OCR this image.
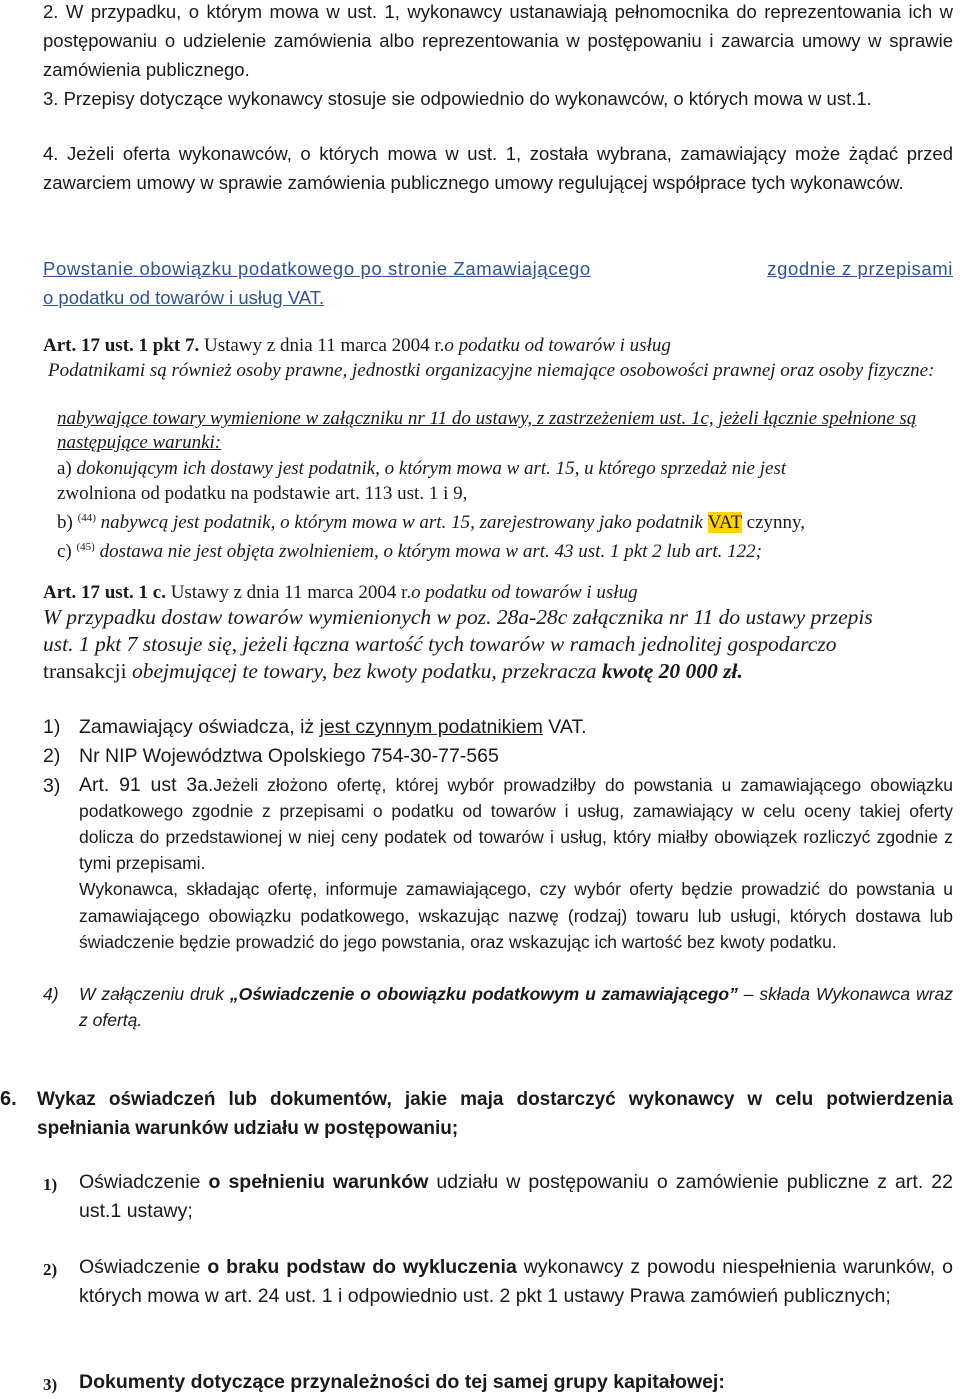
2. W przypadku, o którym mowa w ust. 1, wykonawcy ustanawiają pełnomocnika do reprezentowania ich w postępowaniu o udzielenie zamówienia albo reprezentowania w postępowaniu i zawarcia umowy w sprawie zamówienia publicznego.

3. Przepisy dotyczące wykonawcy stosuje sie odpowiednio do wykonawców, o których mowa w ust.1.

4. Jeżeli oferta wykonawców, o których mowa w ust. 1, została wybrana, zamawiający może żądać przed zawarciem umowy w sprawie zamówienia publicznego umowy regulującej współprace tych wykonawców.

Powstanie obowiązku podatkowego po stronie Zamawiającego	zgodnie z przepisami
o podatku od towarów i usług VAT.

Art. 17 ust. 1 pkt 7. Ustawy z dnia 11 marca 2004 r.o podatku od towarów i usług

Podatnikami są również osoby prawne, jednostki organizacyjne niemające osobowości prawnej oraz osoby fizyczne:

nabywające towary wymienione w załączniku nr 11 do ustawy, z zastrzeżeniem ust. 1c, jeżeli łącznie spełnione są następujące warunki:

a) dokonującym ich dostawy jest podatnik, o którym mowa w art. 15, u którego sprzedaż nie jest
zwolniona od podatku na podstawie art. 113 ust. 1 i 9,
b) $^{(44)}$ nabywcą jest podatnik, o którym mowa w art. 15, zarejestrowany jako podatnik VAT czynny,
c) $^{(45)}$ dostawa nie jest objęta zwolnieniem, o którym mowa w art. 43 ust. 1 pkt 2 lub art. 122;

Art. 17 ust. 1 c. Ustawy z dnia 11 marca 2004 r.o podatku od towarów i usług

W przypadku dostaw towarów wymienionych w poz. 28a-28c załącznika nr 11 do ustawy przepis
ust. 1 pkt 7 stosuje się, jeżeli łączna wartość tych towarów w ramach jednolitej gospodarczo
transakcji obejmującej te towary, bez kwoty podatku, przekracza kwotę 20 000 zł.
1) Zamawiający oświadcza, iż jest czynnym podatnikiem VAT.
2) Nr NIP Województwa Opolskiego 754-30-77-565
3) Art. 91 ust 3a.Jeżeli złożono ofertę, której wybór prowadziłby do powstania u zamawiającego obowiązku podatkowego zgodnie z przepisami o podatku od towarów i usług, zamawiający w celu oceny takiej oferty dolicza do przedstawionej w niej ceny podatek od towarów i usług, który miałby obowiązek rozliczyć zgodnie z tymi przepisami.
Wykonawca, składając ofertę, informuje zamawiającego, czy wybór oferty będzie prowadzić do powstania u zamawiającego obowiązku podatkowego, wskazując nazwę (rodzaj) towaru lub usługi, których dostawa lub świadczenie będzie prowadzić do jego powstania, oraz wskazując ich wartość bez kwoty podatku.
4) W załączeniu druk „Oświadczenie o obowiązku podatkowym u zamawiającego” – składa Wykonawca wraz z ofertą.
6. Wykaz oświadczeń lub dokumentów, jakie maja dostarczyć wykonawcy w celu potwierdzenia spełniania warunków udziału w postępowaniu;
1) Oświadczenie o spełnieniu warunków udziału w postępowaniu o zamówienie publiczne z art. 22 ust.1 ustawy;
2) Oświadczenie o braku podstaw do wykluczenia wykonawcy z powodu niespełnienia warunków, o których mowa w art. 24 ust. 1 i odpowiednio ust. 2 pkt 1 ustawy Prawa zamówień publicznych;
3) Dokumenty dotyczące przynależności do tej samej grupy kapitałowej:
